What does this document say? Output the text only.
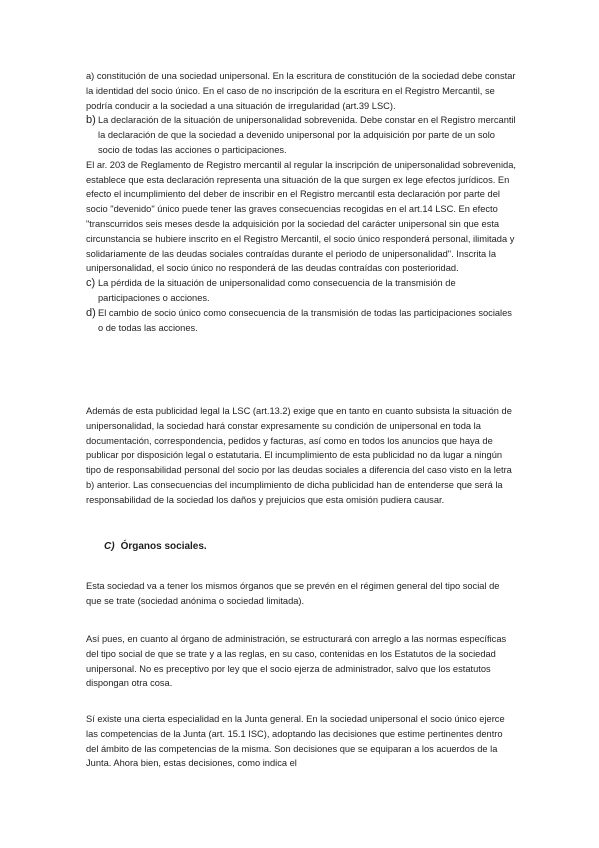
a) constitución de una sociedad unipersonal. En la escritura de constitución de la sociedad debe constar la identidad del socio único. En el caso de no inscripción de la escritura en el Registro Mercantil, se podría conducir a la sociedad a una situación de irregularidad (art.39 LSC).

b) La declaración de la situación de unipersonalidad sobrevenida. Debe constar en el Registro mercantil la declaración de que la sociedad a devenido unipersonal por la adquisición por parte de un solo socio de todas las acciones o participaciones.

El ar. 203 de Reglamento de Registro mercantil al regular la inscripción de unipersonalidad sobrevenida, establece que esta declaración representa una situación de la que surgen ex lege efectos jurídicos. En efecto el incumplimiento del deber de inscribir en el Registro mercantil esta declaración por parte del socio "devenido" único puede tener las graves consecuencias recogidas en el art.14 LSC. En efecto "transcurridos seis meses desde la adquisición por la sociedad del carácter unipersonal sin que esta circunstancia se hubiere inscrito en el Registro Mercantil, el socio único responderá personal, ilimitada y solidariamente de las deudas sociales contraídas durante el periodo de unipersonalidad". Inscrita la unipersonalidad, el socio único no responderá de las deudas contraídas con posterioridad.

c) La pérdida de la situación de unipersonalidad como consecuencia de la transmisión de participaciones o acciones.
d) El cambio de socio único como consecuencia de la transmisión de todas las participaciones sociales o de todas las acciones.

Además de esta publicidad legal la LSC (art.13.2) exige que en tanto en cuanto subsista la situación de unipersonalidad, la sociedad hará constar expresamente su condición de unipersonal en toda la documentación, correspondencia, pedidos y facturas, así como en todos los anuncios que haya de publicar por disposición legal o estatutaria. El incumplimiento de esta publicidad no da lugar a ningún tipo de responsabilidad personal del socio por las deudas sociales a diferencia del caso visto en la letra b) anterior. Las consecuencias del incumplimiento de dicha publicidad han de entenderse que será la responsabilidad de la sociedad los daños y prejuicios que esta omisión pudiera causar.

C) Órganos sociales.

Esta sociedad va a tener los mismos órganos que se prevén en el régimen general del tipo social de que se trate (sociedad anónima o sociedad limitada).

Así pues, en cuanto al órgano de administración, se estructurará con arreglo a las normas específicas del tipo social de que se trate y a las reglas, en su caso, contenidas en los Estatutos de la sociedad unipersonal. No es preceptivo por ley que el socio ejerza de administrador, salvo que los estatutos dispongan otra cosa.

Sí existe una cierta especialidad en la Junta general. En la sociedad unipersonal el socio único ejerce las competencias de la Junta (art. 15.1 ISC), adoptando las decisiones que estime pertinentes dentro del ámbito de las competencias de la misma. Son decisiones que se equiparan a los acuerdos de la Junta. Ahora bien, estas decisiones, como indica el
